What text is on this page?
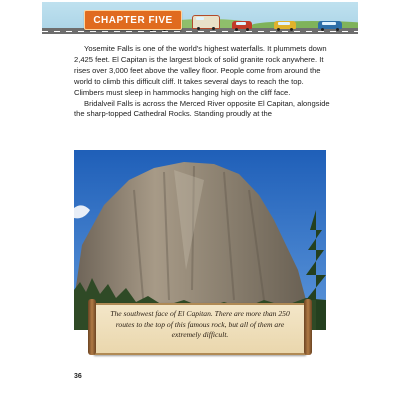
CHAPTER FIVE

Yosemite Falls is one of the world's highest waterfalls. It plummets down 2,425 feet. El Capitan is the largest block of solid granite rock anywhere. It rises over 3,000 feet above the valley floor. People come from around the world to climb this difficult cliff. It takes several days to reach the top. Climbers must sleep in hammocks hanging high on the cliff face.

Bridalveil Falls is across the Merced River opposite El Capitan, alongside the sharp-topped Cathedral Rocks. Standing proudly at the

The southwest face of El Capitan. There are more than 250 routes to the top of this famous rock, but all of them are extremely difficult.

36
